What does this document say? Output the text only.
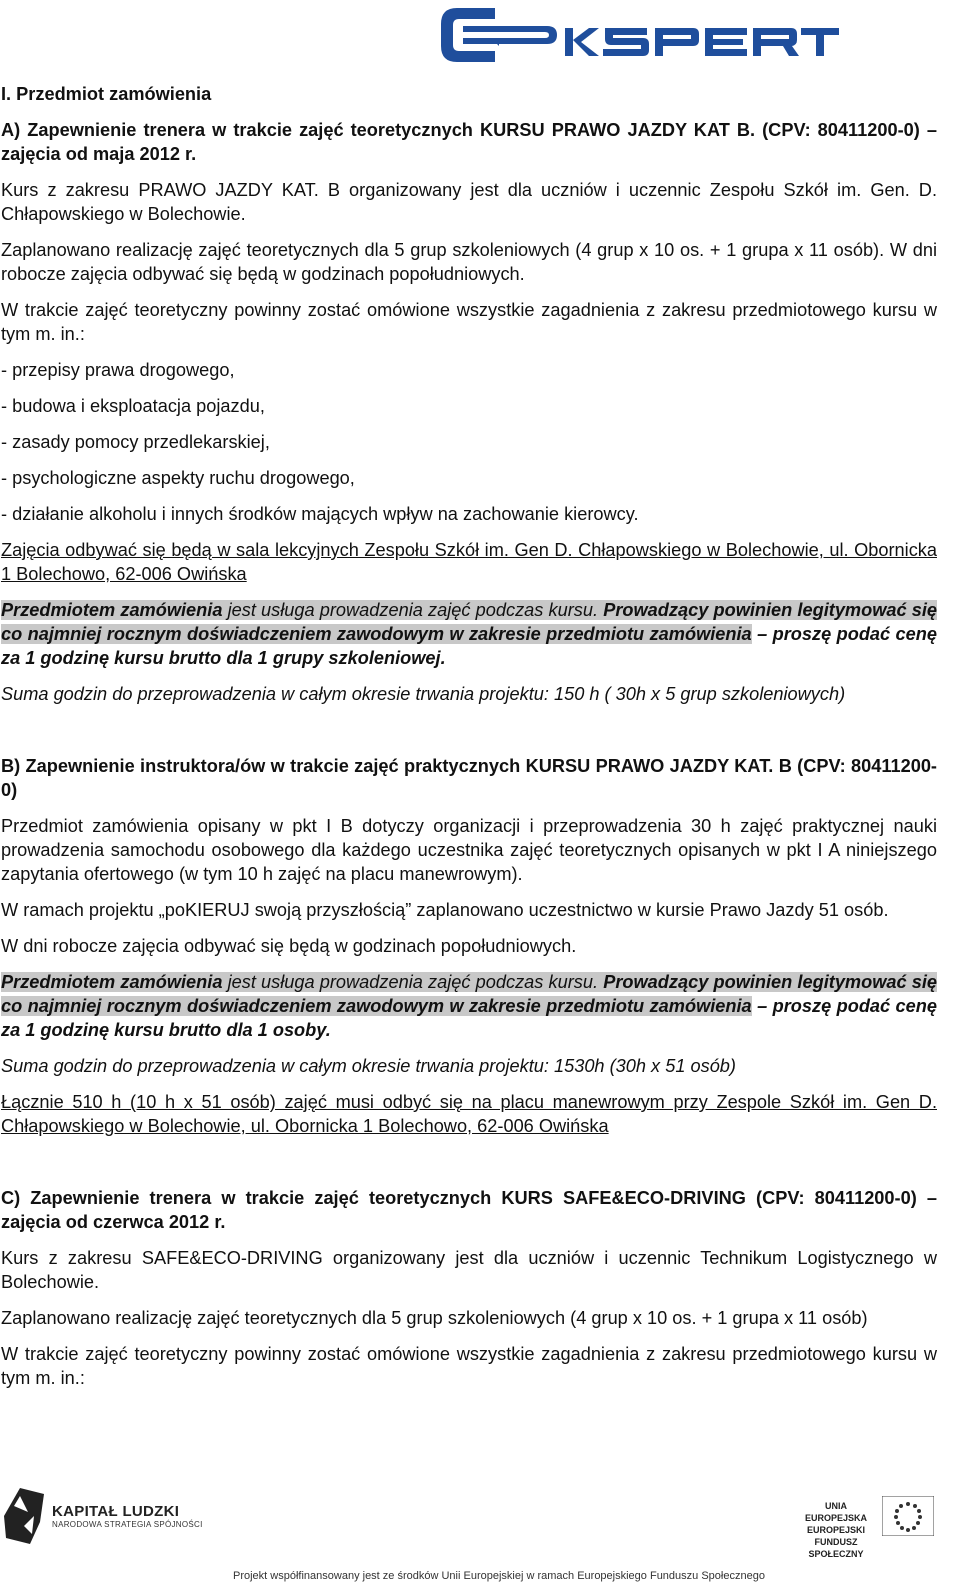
I. Przedmiot zamówienia

A) Zapewnienie trenera w trakcie zajęć teoretycznych KURSU PRAWO JAZDY KAT B. (CPV: 80411200-0) – zajęcia od maja 2012 r.

Kurs z zakresu PRAWO JAZDY KAT. B organizowany jest dla uczniów i uczennic Zespołu Szkół im. Gen. D. Chłapowskiego w Bolechowie.

Zaplanowano realizację zajęć teoretycznych dla 5 grup szkoleniowych (4 grup x 10 os. + 1 grupa x 11 osób). W dni robocze zajęcia odbywać się będą w godzinach popołudniowych.

W trakcie zajęć teoretyczny powinny zostać omówione wszystkie zagadnienia z zakresu przedmiotowego kursu w tym m. in.:

- przepisy prawa drogowego,

- budowa i eksploatacja pojazdu,

- zasady pomocy przedlekarskiej,

- psychologiczne aspekty ruchu drogowego,

- działanie alkoholu i innych środków mających wpływ na zachowanie kierowcy.

Zajęcia odbywać się będą w sala lekcyjnych Zespołu Szkół im. Gen D. Chłapowskiego w Bolechowie, ul. Obornicka 1 Bolechowo, 62-006 Owińska

Przedmiotem zamówienia jest usługa prowadzenia zajęć podczas kursu. Prowadzący powinien legitymować się co najmniej rocznym doświadczeniem zawodowym w zakresie przedmiotu zamówienia – proszę podać cenę za 1 godzinę kursu brutto dla 1 grupy szkoleniowej.

Suma godzin do przeprowadzenia w całym okresie trwania projektu: 150 h ( 30h x 5 grup szkoleniowych)

B) Zapewnienie instruktora/ów w trakcie zajęć praktycznych KURSU PRAWO JAZDY KAT. B (CPV: 80411200-0)

Przedmiot zamówienia opisany w pkt I B dotyczy organizacji i przeprowadzenia 30 h zajęć praktycznej nauki prowadzenia samochodu osobowego dla każdego uczestnika zajęć teoretycznych opisanych w pkt I A niniejszego zapytania ofertowego (w tym 10 h zajęć na placu manewrowym).

W ramach projektu „poKIERUJ swoją przyszłością” zaplanowano uczestnictwo w kursie Prawo Jazdy 51 osób.

W dni robocze zajęcia odbywać się będą w godzinach popołudniowych.

Przedmiotem zamówienia jest usługa prowadzenia zajęć podczas kursu. Prowadzący powinien legitymować się co najmniej rocznym doświadczeniem zawodowym w zakresie przedmiotu zamówienia – proszę podać cenę za 1 godzinę kursu brutto dla 1 osoby.

Suma godzin do przeprowadzenia w całym okresie trwania projektu: 1530h (30h x 51 osób)

Łącznie 510 h (10 h x 51 osób) zajęć musi odbyć się na placu manewrowym przy Zespole Szkół im. Gen D. Chłapowskiego w Bolechowie, ul. Obornicka 1 Bolechowo, 62-006 Owińska

C) Zapewnienie trenera w trakcie zajęć teoretycznych KURS SAFE&ECO-DRIVING (CPV: 80411200-0) – zajęcia od czerwca 2012 r.

Kurs z zakresu SAFE&ECO-DRIVING organizowany jest dla uczniów i uczennic Technikum Logistycznego w Bolechowie.

Zaplanowano realizację zajęć teoretycznych dla 5 grup szkoleniowych (4 grup x 10 os. + 1 grupa x 11 osób)

W trakcie zajęć teoretyczny powinny zostać omówione wszystkie zagadnienia z zakresu przedmiotowego kursu w tym m. in.:

KAPITAŁ LUDZKI
NARODOWA STRATEGIA SPÓJNOŚCI
UNIA EUROPEJSKA
EUROPEJSKI
FUNDUSZ SPOŁECZNY
Projekt współfinansowany jest ze środków Unii Europejskiej w ramach Europejskiego Funduszu Społecznego
